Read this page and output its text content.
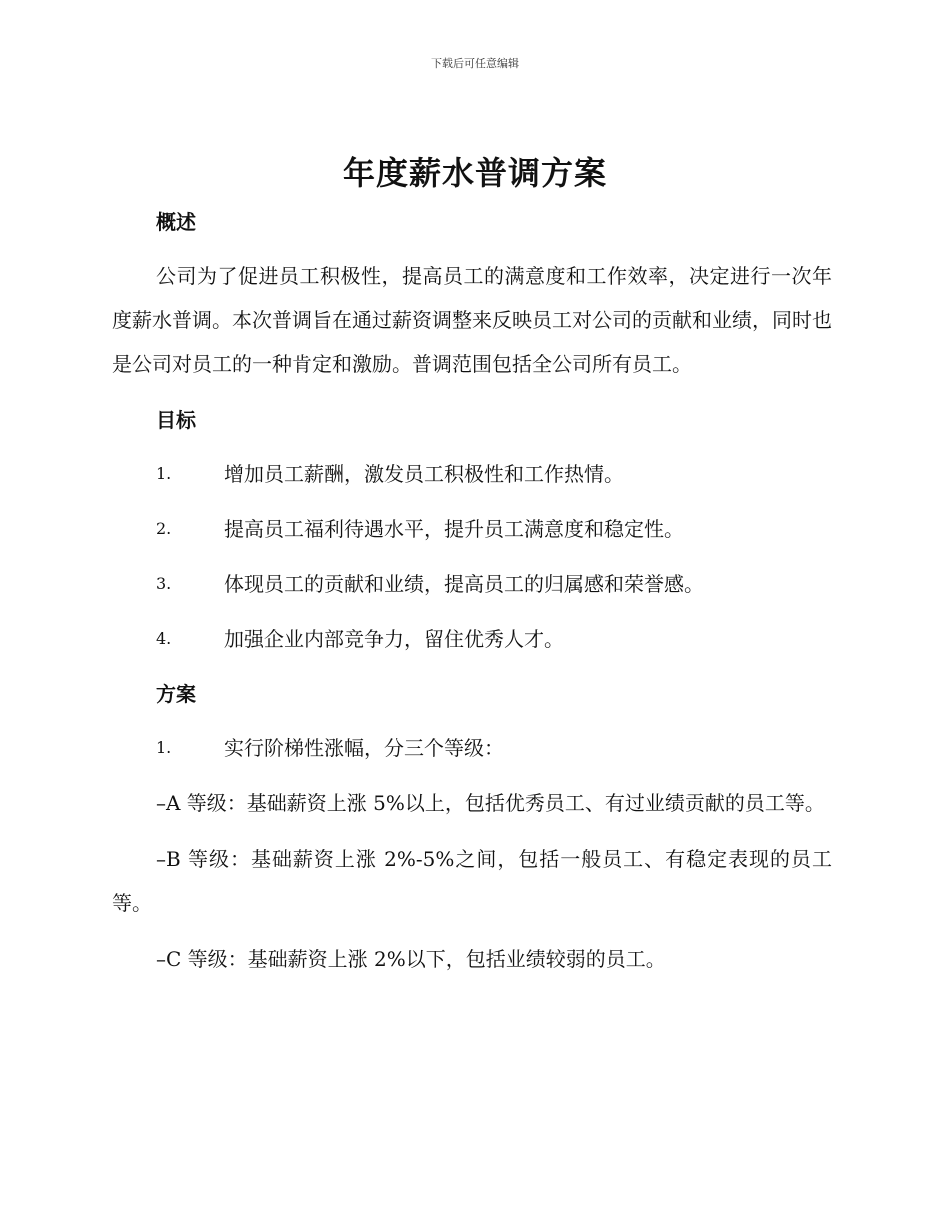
下载后可任意编辑
年度薪水普调方案
概述

公司为了促进员工积极性，提高员工的满意度和工作效率，决定进行一次年度薪水普调。本次普调旨在通过薪资调整来反映员工对公司的贡献和业绩，同时也是公司对员工的一种肯定和激励。普调范围包括全公司所有员工。

目标
1.	增加员工薪酬，激发员工积极性和工作热情。
2.	提高员工福利待遇水平，提升员工满意度和稳定性。
3.	体现员工的贡献和业绩，提高员工的归属感和荣誉感。
4.	加强企业内部竞争力，留住优秀人才。
方案
1.	实行阶梯性涨幅，分三个等级：

–A 等级：基础薪资上涨 5%以上，包括优秀员工、有过业绩贡献的员工等。

–B 等级：基础薪资上涨 2%-5%之间，包括一般员工、有稳定表现的员工等。

–C 等级：基础薪资上涨 2%以下，包括业绩较弱的员工。
